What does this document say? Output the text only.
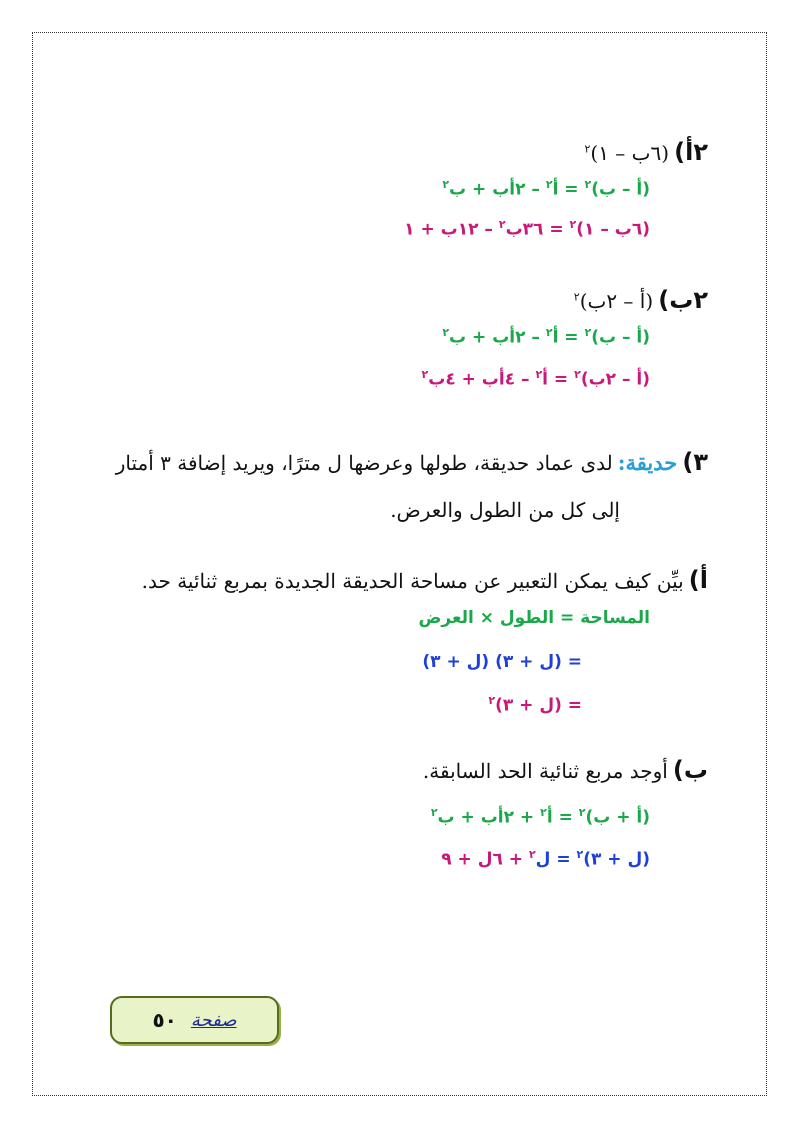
٢أ) (٦ب – ١)$^٢$
(أ – ب)$^٢$ = أ$^٢$ – ٢أب + ب$^٢$
(٦ب – ١)$^٢$ = ٣٦ب$^٢$ – ١٢ب + ١
٢ب) (أ – ٢ب)$^٢$
(أ – ب)$^٢$ = أ$^٢$ – ٢أب + ب$^٢$
(أ – ٢ب)$^٢$ = أ$^٢$ – ٤أب + ٤ب$^٢$
٣) حديقة: لدى عماد حديقة، طولها وعرضها ل مترًا، ويريد إضافة ٣ أمتار
إلى كل من الطول والعرض.
أ) بيِّن كيف يمكن التعبير عن مساحة الحديقة الجديدة بمربع ثنائية حد.
المساحة = الطول × العرض
= (ل + ٣) (ل + ٣)
= (ل + ٣)$^٢$
ب) أوجد مربع ثنائية الحد السابقة.
(أ + ب)$^٢$ = أ$^٢$ + ٢أب + ب$^٢$
(ل + ٣)$^٢$ = ل$^٢$ + ٦ل + ٩
صفحة
٥٠
